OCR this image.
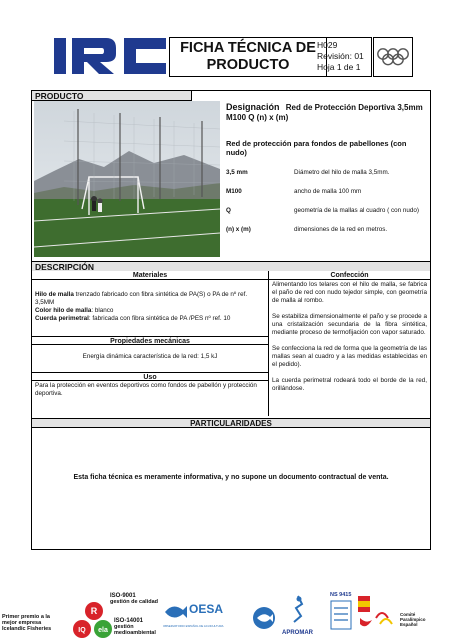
FICHA TÉCNICA DE
PRODUCTO
H029
Revisión: 01
Hoja 1 de 1
PRODUCTO
Designación Red de Protección Deportiva 3,5mm M100 Q (n) x (m)
Red de protección para fondos de pabellones (con nudo)
3,5 mm	Diámetro del hilo de malla 3,5mm.
M100	ancho de malla 100 mm
Q	geometría de la mallas al cuadro ( con nudo)
(n) x (m)	dimensiones de la red en metros.
DESCRIPCIÓN
Materiales
Hilo de malla trenzado fabricado con fibra sintética de PA(S) o PA de nº ref. 3,5MM
Color hilo de malla: blanco
Cuerda perimetral: fabricada con fibra sintética de PA /PES nº ref. 10
Propiedades mecánicas
Energía dinámica característica de la red: 1,5 kJ
Uso
Para la protección en eventos deportivos como fondos de pabellón y protección deportiva.
Confección

Alimentando los telares con el hilo de malla, se fabrica el paño de red con nudo tejedor simple, con geometría de malla al rombo.

Se estabiliza dimensionalmente el paño y se procede a una cristalización secundaria de la fibra sintética, mediante proceso de termofijación con vapor saturado.

Se confecciona la red de forma que la geometría de las mallas sean al cuadro y a las medidas establecidas en el pedido).

La cuerda perimetral rodeará todo el borde de la red, orillándose.

PARTICULARIDADES
Esta ficha técnica es meramente informativa, y no supone un documento contractual de venta.
Primer premio a la
mejor empresa
Icelandic Fisheries
R
IQ ela
ISO-9001
gestión de calidad
ISO-14001
gestión
medioambiental
OESA
OBSERVATORIO ESPAÑOL DE ACUICULTURA
APROMAR
NS 9415
Comité
Paralímpico
Español
